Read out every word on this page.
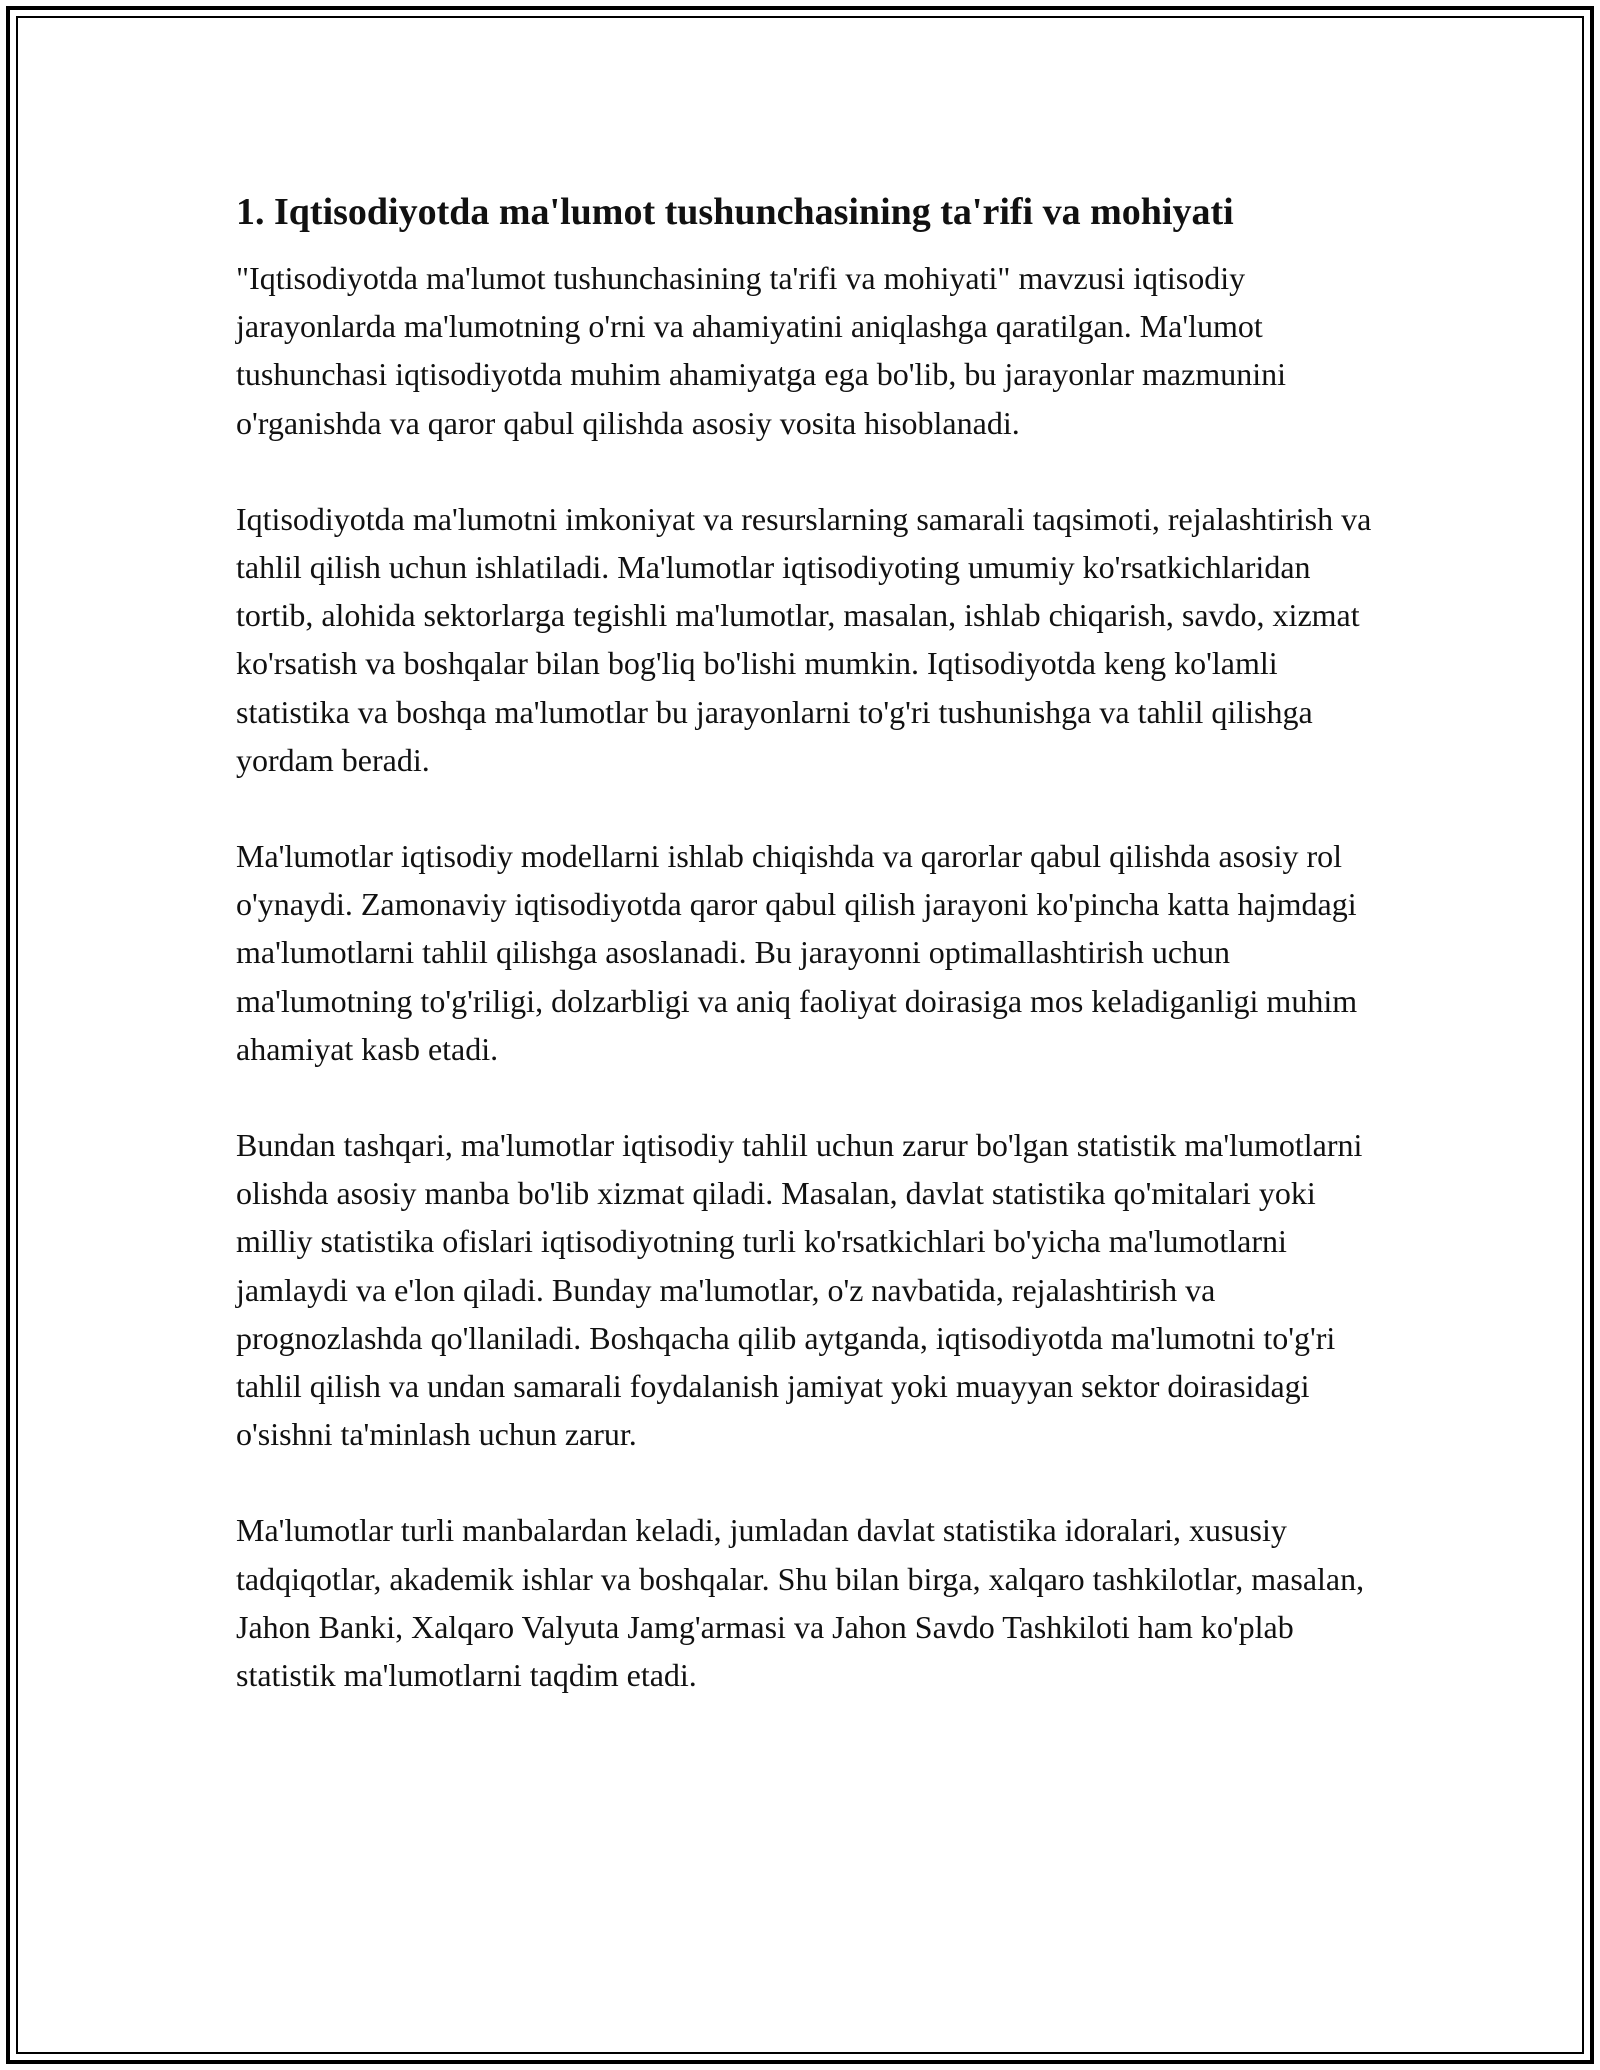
1. Iqtisodiyotda ma'lumot tushunchasining ta'rifi va mohiyati

"Iqtisodiyotda ma'lumot tushunchasining ta'rifi va mohiyati" mavzusi iqtisodiy jarayonlarda ma'lumotning o'rni va ahamiyatini aniqlashga qaratilgan. Ma'lumot tushunchasi iqtisodiyotda muhim ahamiyatga ega bo'lib, bu jarayonlar mazmunini o'rganishda va qaror qabul qilishda asosiy vosita hisoblanadi.

Iqtisodiyotda ma'lumotni imkoniyat va resurslarning samarali taqsimoti, rejalashtirish va tahlil qilish uchun ishlatiladi. Ma'lumotlar iqtisodiyoting umumiy ko'rsatkichlaridan tortib, alohida sektorlarga tegishli ma'lumotlar, masalan, ishlab chiqarish, savdo, xizmat ko'rsatish va boshqalar bilan bog'liq bo'lishi mumkin. Iqtisodiyotda keng ko'lamli statistika va boshqa ma'lumotlar bu jarayonlarni to'g'ri tushunishga va tahlil qilishga yordam beradi.

Ma'lumotlar iqtisodiy modellarni ishlab chiqishda va qarorlar qabul qilishda asosiy rol o'ynaydi. Zamonaviy iqtisodiyotda qaror qabul qilish jarayoni ko'pincha katta hajmdagi ma'lumotlarni tahlil qilishga asoslanadi. Bu jarayonni optimallashtirish uchun ma'lumotning to'g'riligi, dolzarbligi va aniq faoliyat doirasiga mos keladiganligi muhim ahamiyat kasb etadi.

Bundan tashqari, ma'lumotlar iqtisodiy tahlil uchun zarur bo'lgan statistik ma'lumotlarni olishda asosiy manba bo'lib xizmat qiladi. Masalan, davlat statistika qo'mitalari yoki milliy statistika ofislari iqtisodiyotning turli ko'rsatkichlari bo'yicha ma'lumotlarni jamlaydi va e'lon qiladi. Bunday ma'lumotlar, o'z navbatida, rejalashtirish va prognozlashda qo'llaniladi. Boshqacha qilib aytganda, iqtisodiyotda ma'lumotni to'g'ri tahlil qilish va undan samarali foydalanish jamiyat yoki muayyan sektor doirasidagi o'sishni ta'minlash uchun zarur.

Ma'lumotlar turli manbalardan keladi, jumladan davlat statistika idoralari, xususiy tadqiqotlar, akademik ishlar va boshqalar. Shu bilan birga, xalqaro tashkilotlar, masalan, Jahon Banki, Xalqaro Valyuta Jamg'armasi va Jahon Savdo Tashkiloti ham ko'plab statistik ma'lumotlarni taqdim etadi.
